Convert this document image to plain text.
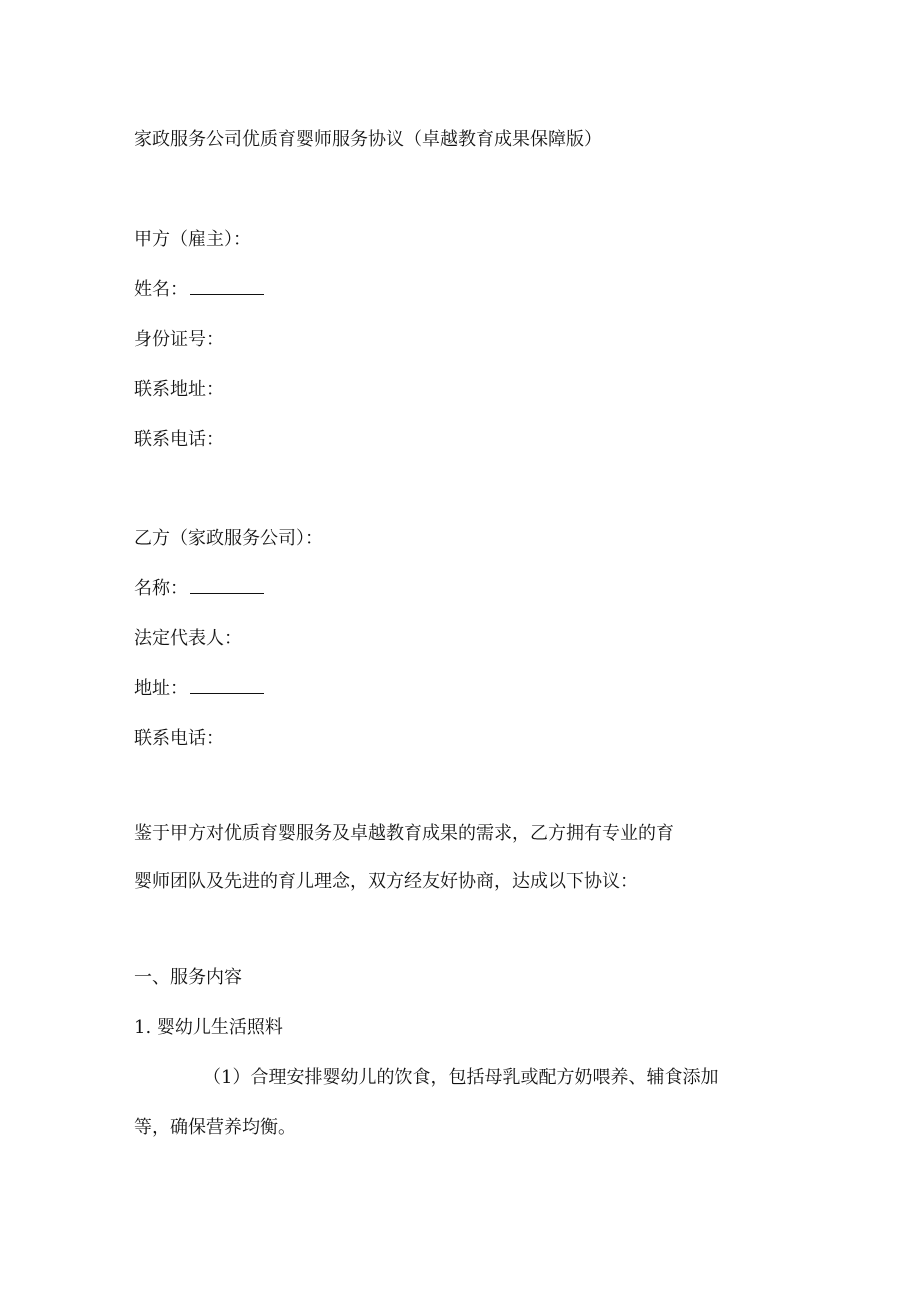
家政服务公司优质育婴师服务协议（卓越教育成果保障版）
甲方（雇主）：
姓名：
身份证号：
联系地址：
联系电话：
乙方（家政服务公司）：
名称：
法定代表人：
地址：
联系电话：
鉴于甲方对优质育婴服务及卓越教育成果的需求，乙方拥有专业的育
婴师团队及先进的育儿理念，双方经友好协商，达成以下协议：
一、服务内容
1. 婴幼儿生活照料
（1）合理安排婴幼儿的饮食，包括母乳或配方奶喂养、辅食添加
等，确保营养均衡。
